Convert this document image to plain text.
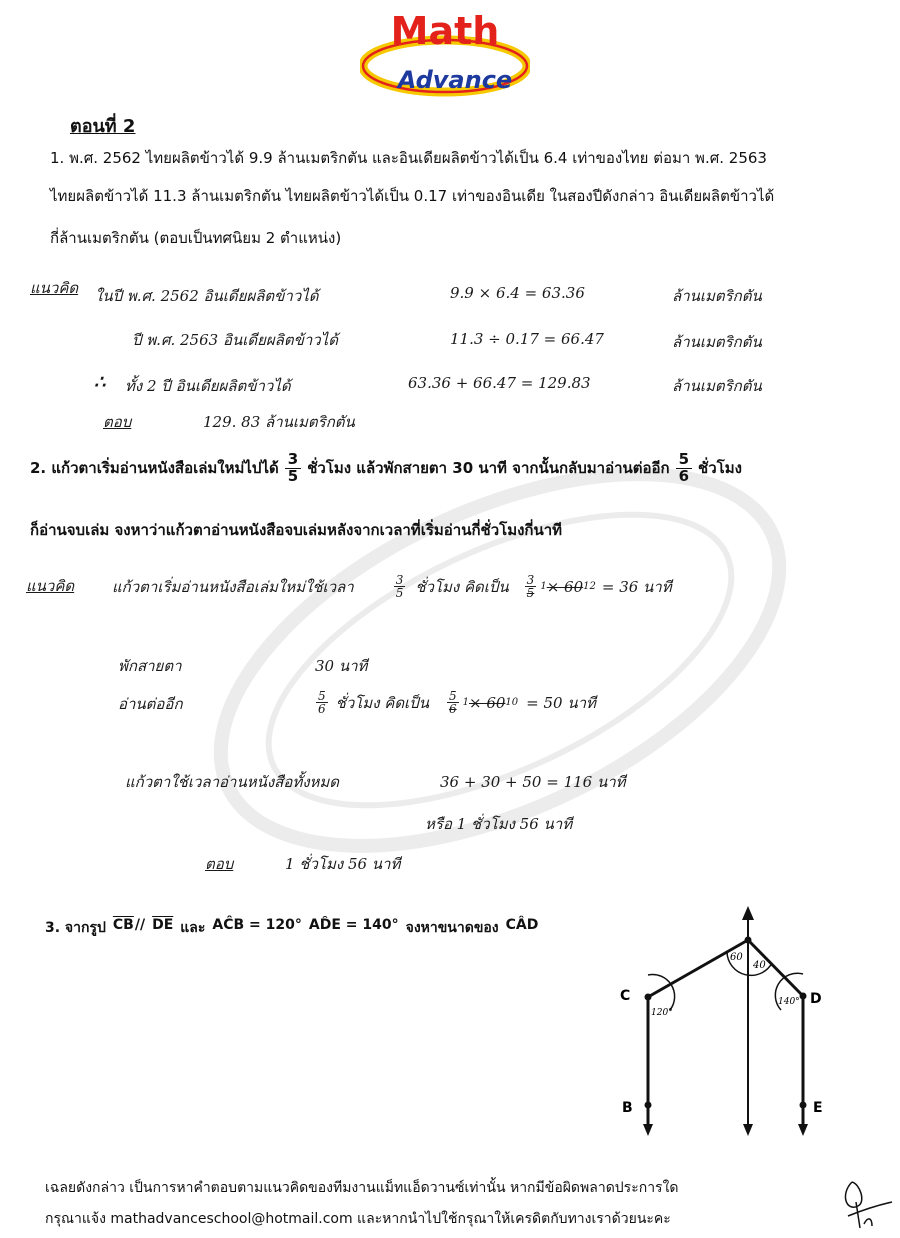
Math
Advance
ตอนที่ 2
1. พ.ศ. 2562 ไทยผลิตข้าวได้ 9.9 ล้านเมตริกตัน และอินเดียผลิตข้าวได้เป็น 6.4 เท่าของไทย ต่อมา พ.ศ. 2563
ไทยผลิตข้าวได้ 11.3 ล้านเมตริกตัน ไทยผลิตข้าวได้เป็น 0.17 เท่าของอินเดีย ในสองปีดังกล่าว อินเดียผลิตข้าวได้
กี่ล้านเมตริกตัน (ตอบเป็นทศนิยม 2 ตำแหน่ง)
แนวคิด ในปี พ.ศ. 2562 อินเดียผลิตข้าวได้	9.9 × 6.4 = 63.36	ล้านเมตริกตัน
ปี พ.ศ. 2563 อินเดียผลิตข้าวได้	11.3 ÷ 0.17 = 66.47	ล้านเมตริกตัน
∴ ทั้ง 2 ปี อินเดียผลิตข้าวได้	63.36 + 66.47 = 129.83	ล้านเมตริกตัน
ตอบ	129. 83 ล้านเมตริกตัน
2. แก้วตาเริ่มอ่านหนังสือเล่มใหม่ไปได้ $\frac{3}{5}$ ชั่วโมง แล้วพักสายตา 30 นาที จากนั้นกลับมาอ่านต่ออีก $\frac{5}{6}$ ชั่วโมง
ก็อ่านจบเล่ม จงหาว่าแก้วตาอ่านหนังสือจบเล่มหลังจากเวลาที่เริ่มอ่านกี่ชั่วโมงกี่นาที
แนวคิด	แก้วตาเริ่มอ่านหนังสือเล่มใหม่ใช้เวลา	3
5 ชั่วโมง คิดเป็น 3
5 1 × 60 12 = 36 นาที
พักสายตา	30 นาที
อ่านต่ออีก	5
6 ชั่วโมง คิดเป็น 5
6 1 × 60 10 = 50 นาที
แก้วตาใช้เวลาอ่านหนังสือทั้งหมด	36 + 30 + 50 = 116 นาที
หรือ 1 ชั่วโมง 56 นาที
ตอบ	1 ชั่วโมง 56 นาที
3. จากรูป $\overline{CB} // \overline{DE}$ และ AĈB = 120° AD̂E = 140° จงหาขนาดของ CÂD
C	D
B	E
120°
140°
60
40
เฉลยดังกล่าว เป็นการหาคำตอบตามแนวคิดของทีมงานแม็ทแอ็ดวานซ์เท่านั้น หากมีข้อผิดพลาดประการใด
กรุณาแจ้ง mathadvanceschool@hotmail.com และหากนำไปใช้กรุณาให้เครดิตกับทางเราด้วยนะคะ
